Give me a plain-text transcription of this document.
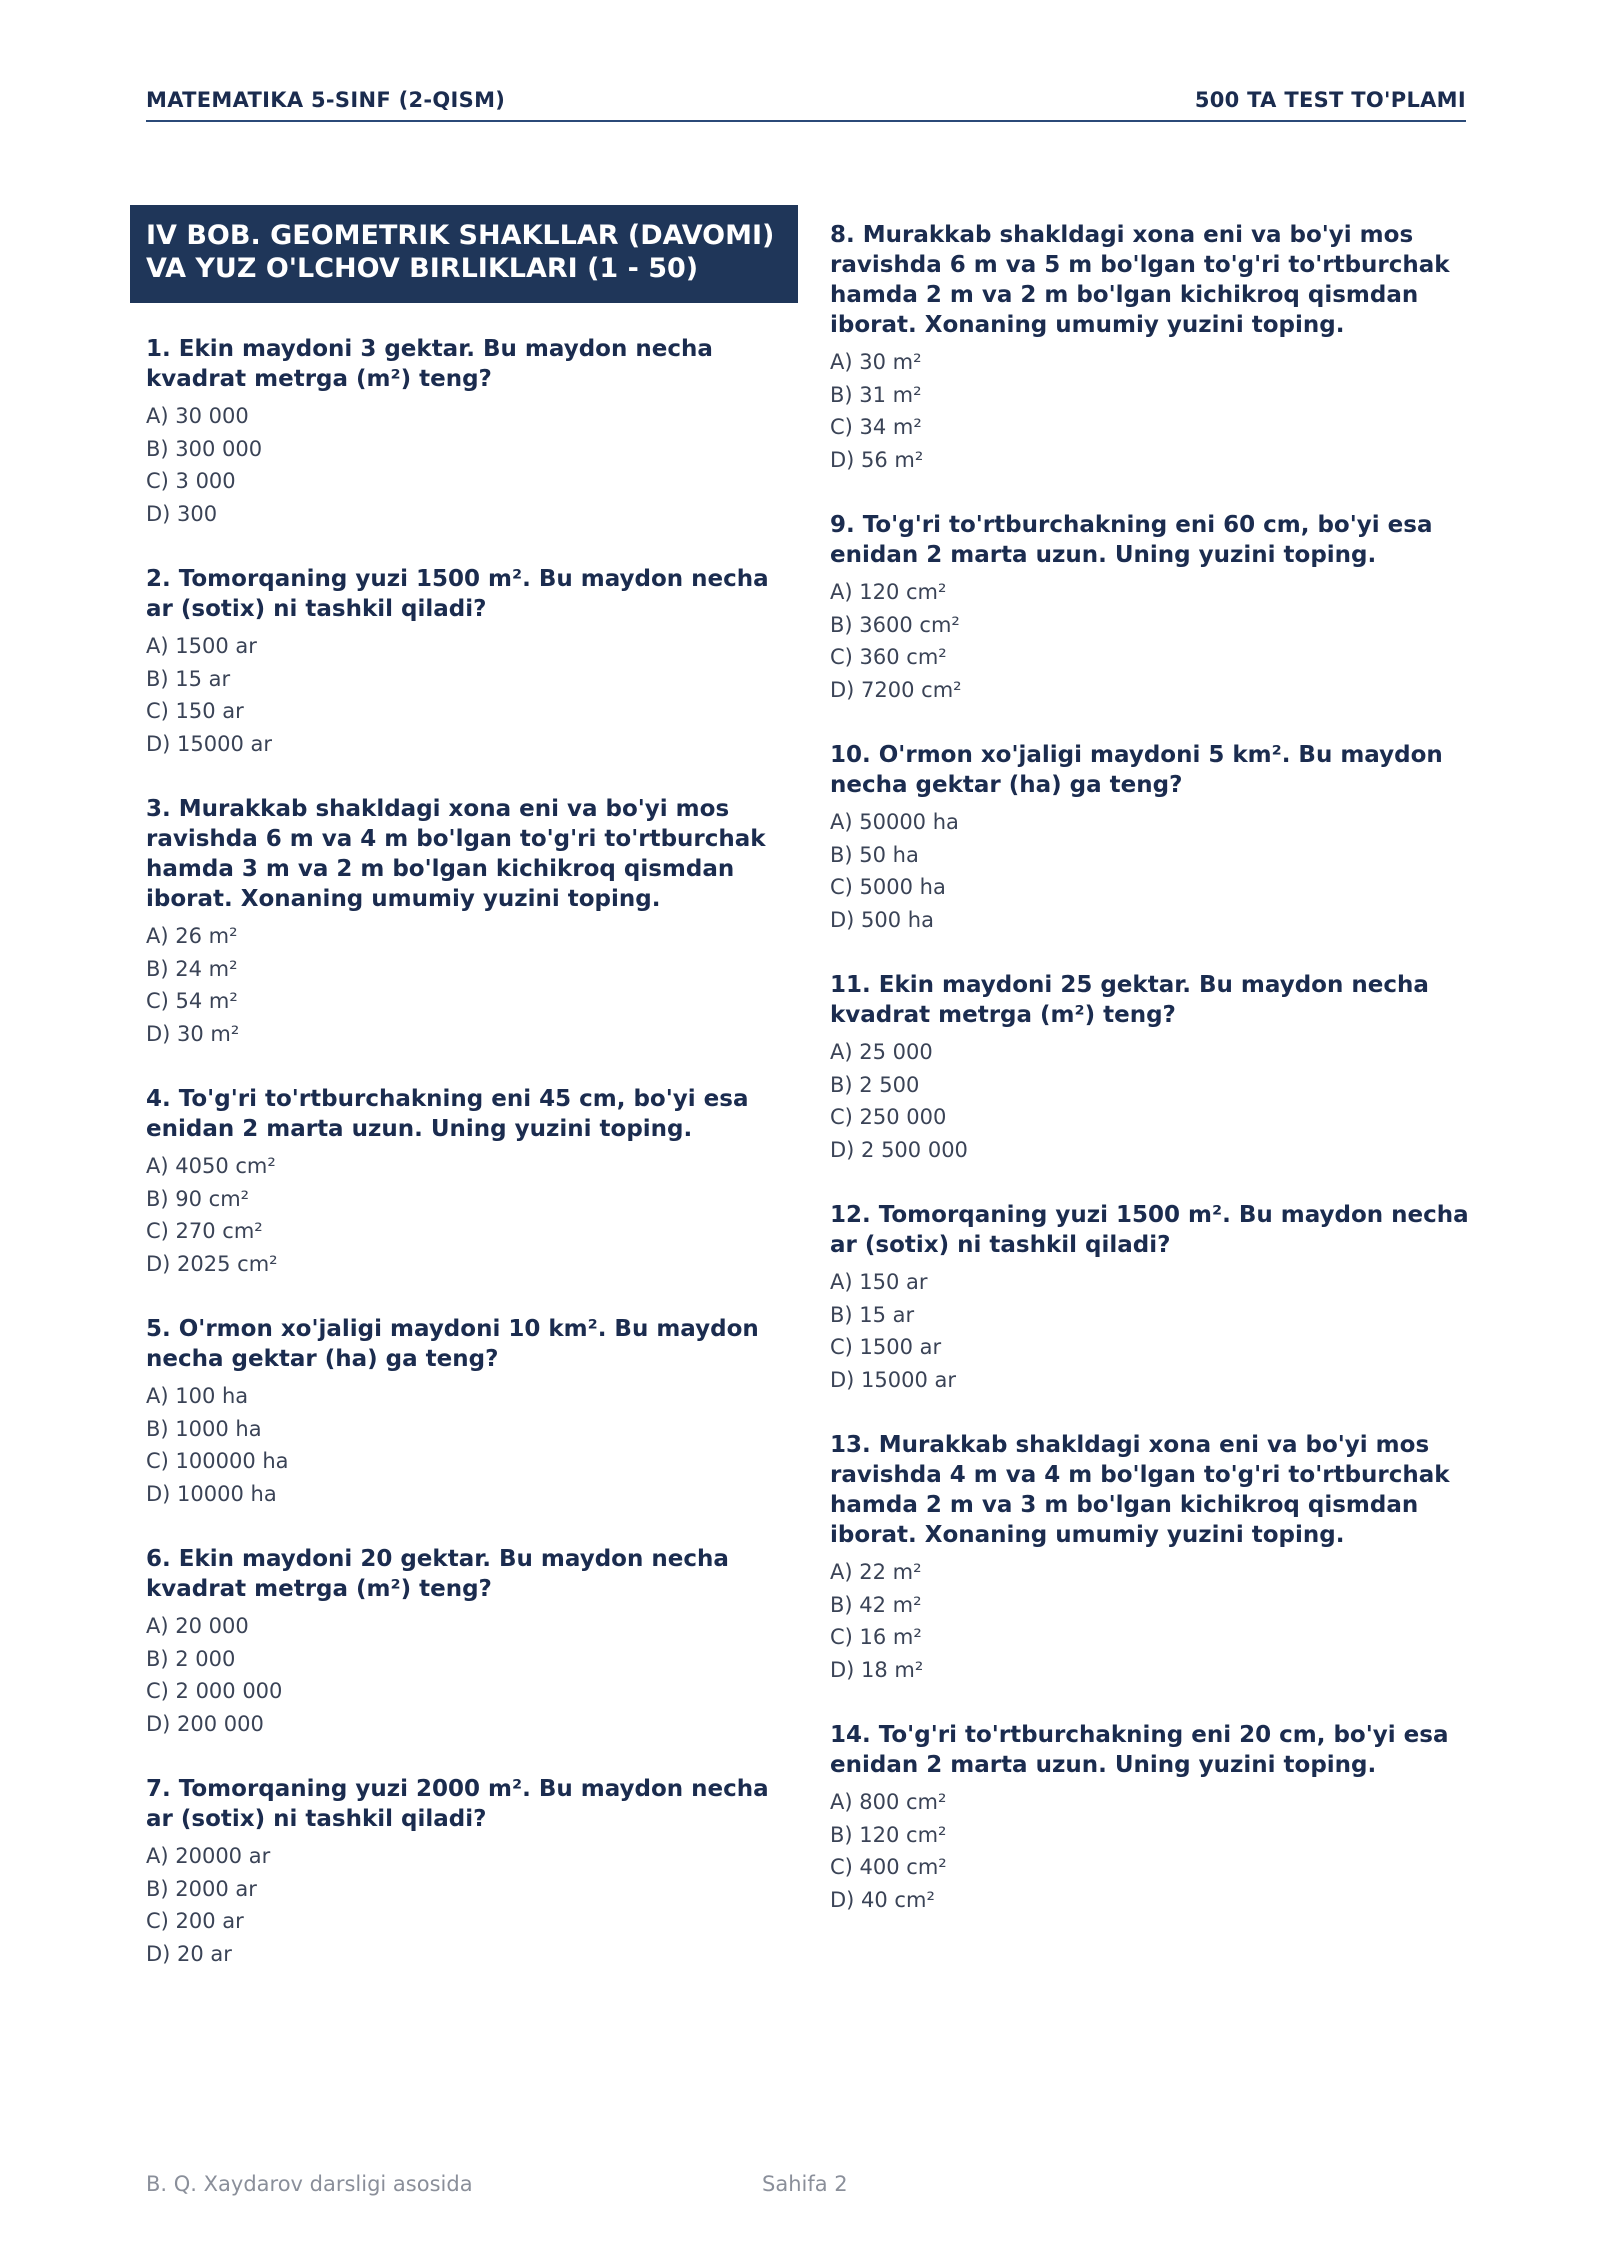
MATEMATIKA 5-SINF (2-QISM)	500 TA TEST TO'PLAMI
IV BOB. GEOMETRIK SHAKLLAR (DAVOMI)
VA YUZ O'LCHOV BIRLIKLARI (1 - 50)
1. Ekin maydoni 3 gektar. Bu maydon necha kvadrat metrga (m²) teng?
A) 30 000
B) 300 000
C) 3 000
D) 300
2. Tomorqaning yuzi 1500 m². Bu maydon necha ar (sotix) ni tashkil qiladi?
A) 1500 ar
B) 15 ar
C) 150 ar
D) 15000 ar
3. Murakkab shakldagi xona eni va bo'yi mos ravishda 6 m va 4 m bo'lgan to'g'ri to'rtburchak hamda 3 m va 2 m bo'lgan kichikroq qismdan iborat. Xonaning umumiy yuzini toping.
A) 26 m²
B) 24 m²
C) 54 m²
D) 30 m²
4. To'g'ri to'rtburchakning eni 45 cm, bo'yi esa enidan 2 marta uzun. Uning yuzini toping.
A) 4050 cm²
B) 90 cm²
C) 270 cm²
D) 2025 cm²
5. O'rmon xo'jaligi maydoni 10 km². Bu maydon necha gektar (ha) ga teng?
A) 100 ha
B) 1000 ha
C) 100000 ha
D) 10000 ha
6. Ekin maydoni 20 gektar. Bu maydon necha kvadrat metrga (m²) teng?
A) 20 000
B) 2 000
C) 2 000 000
D) 200 000
7. Tomorqaning yuzi 2000 m². Bu maydon necha ar (sotix) ni tashkil qiladi?
A) 20000 ar
B) 2000 ar
C) 200 ar
D) 20 ar
8. Murakkab shakldagi xona eni va bo'yi mos ravishda 6 m va 5 m bo'lgan to'g'ri to'rtburchak hamda 2 m va 2 m bo'lgan kichikroq qismdan iborat. Xonaning umumiy yuzini toping.
A) 30 m²
B) 31 m²
C) 34 m²
D) 56 m²
9. To'g'ri to'rtburchakning eni 60 cm, bo'yi esa enidan 2 marta uzun. Uning yuzini toping.
A) 120 cm²
B) 3600 cm²
C) 360 cm²
D) 7200 cm²
10. O'rmon xo'jaligi maydoni 5 km². Bu maydon necha gektar (ha) ga teng?
A) 50000 ha
B) 50 ha
C) 5000 ha
D) 500 ha
11. Ekin maydoni 25 gektar. Bu maydon necha kvadrat metrga (m²) teng?
A) 25 000
B) 2 500
C) 250 000
D) 2 500 000
12. Tomorqaning yuzi 1500 m². Bu maydon necha ar (sotix) ni tashkil qiladi?
A) 150 ar
B) 15 ar
C) 1500 ar
D) 15000 ar
13. Murakkab shakldagi xona eni va bo'yi mos ravishda 4 m va 4 m bo'lgan to'g'ri to'rtburchak hamda 2 m va 3 m bo'lgan kichikroq qismdan iborat. Xonaning umumiy yuzini toping.
A) 22 m²
B) 42 m²
C) 16 m²
D) 18 m²
14. To'g'ri to'rtburchakning eni 20 cm, bo'yi esa enidan 2 marta uzun. Uning yuzini toping.
A) 800 cm²
B) 120 cm²
C) 400 cm²
D) 40 cm²
B. Q. Xaydarov darsligi asosida	Sahifa 2
